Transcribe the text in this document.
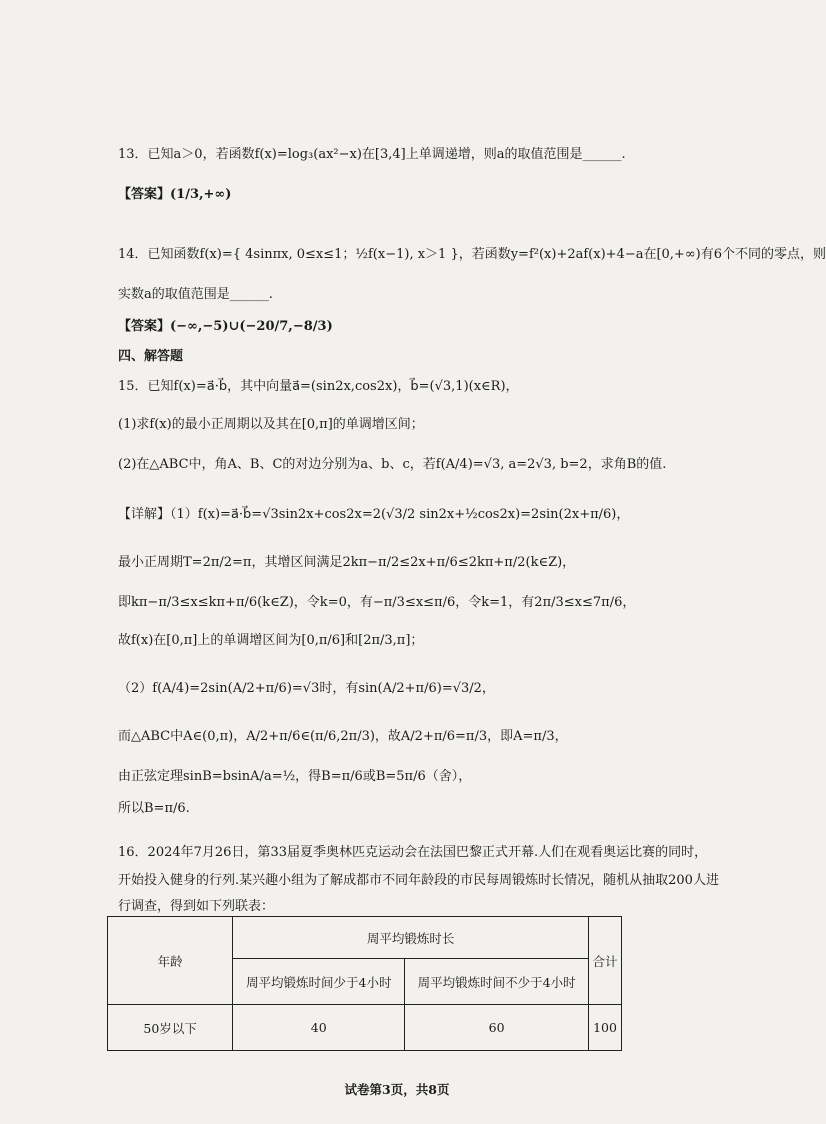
13．已知a＞0，若函数f(x)=log₃(ax²−x)在[3,4]上单调递增，则a的取值范围是______.
【答案】(1/3,+∞)
14．已知函数f(x)={ 4sinπx, 0≤x≤1；½f(x−1), x＞1 }，若函数y=f²(x)+2af(x)+4−a在[0,+∞)有6个不同的零点，则
实数a的取值范围是______.
【答案】(−∞,−5)∪(−20/7,−8/3)
四、解答题
15．已知f(x)=a⃗·b⃗，其中向量a⃗=(sin2x,cos2x)，b⃗=(√3,1)(x∈R)，
(1)求f(x)的最小正周期以及其在[0,π]的单调增区间；
(2)在△ABC中，角A、B、C的对边分别为a、b、c，若f(A/4)=√3, a=2√3, b=2，求角B的值.
【详解】（1）f(x)=a⃗·b⃗=√3sin2x+cos2x=2(√3/2 sin2x+½cos2x)=2sin(2x+π/6)，
最小正周期T=2π/2=π，其增区间满足2kπ−π/2≤2x+π/6≤2kπ+π/2(k∈Z)，
即kπ−π/3≤x≤kπ+π/6(k∈Z)，令k=0，有−π/3≤x≤π/6，令k=1，有2π/3≤x≤7π/6，
故f(x)在[0,π]上的单调增区间为[0,π/6]和[2π/3,π]；
（2）f(A/4)=2sin(A/2+π/6)=√3时，有sin(A/2+π/6)=√3/2，
而△ABC中A∈(0,π)，A/2+π/6∈(π/6,2π/3)，故A/2+π/6=π/3，即A=π/3，
由正弦定理sinB=bsinA/a=½，得B=π/6或B=5π/6（舍），
所以B=π/6.
16．2024年7月26日，第33届夏季奥林匹克运动会在法国巴黎正式开幕.人们在观看奥运比赛的同时，
开始投入健身的行列.某兴趣小组为了解成都市不同年龄段的市民每周锻炼时长情况，随机从抽取200人进
行调查，得到如下列联表：
年龄	周平均锻炼时长		合计
	周平均锻炼时间少于4小时	周平均锻炼时间不少于4小时	
50岁以下	40	60	100
试卷第3页，共8页
